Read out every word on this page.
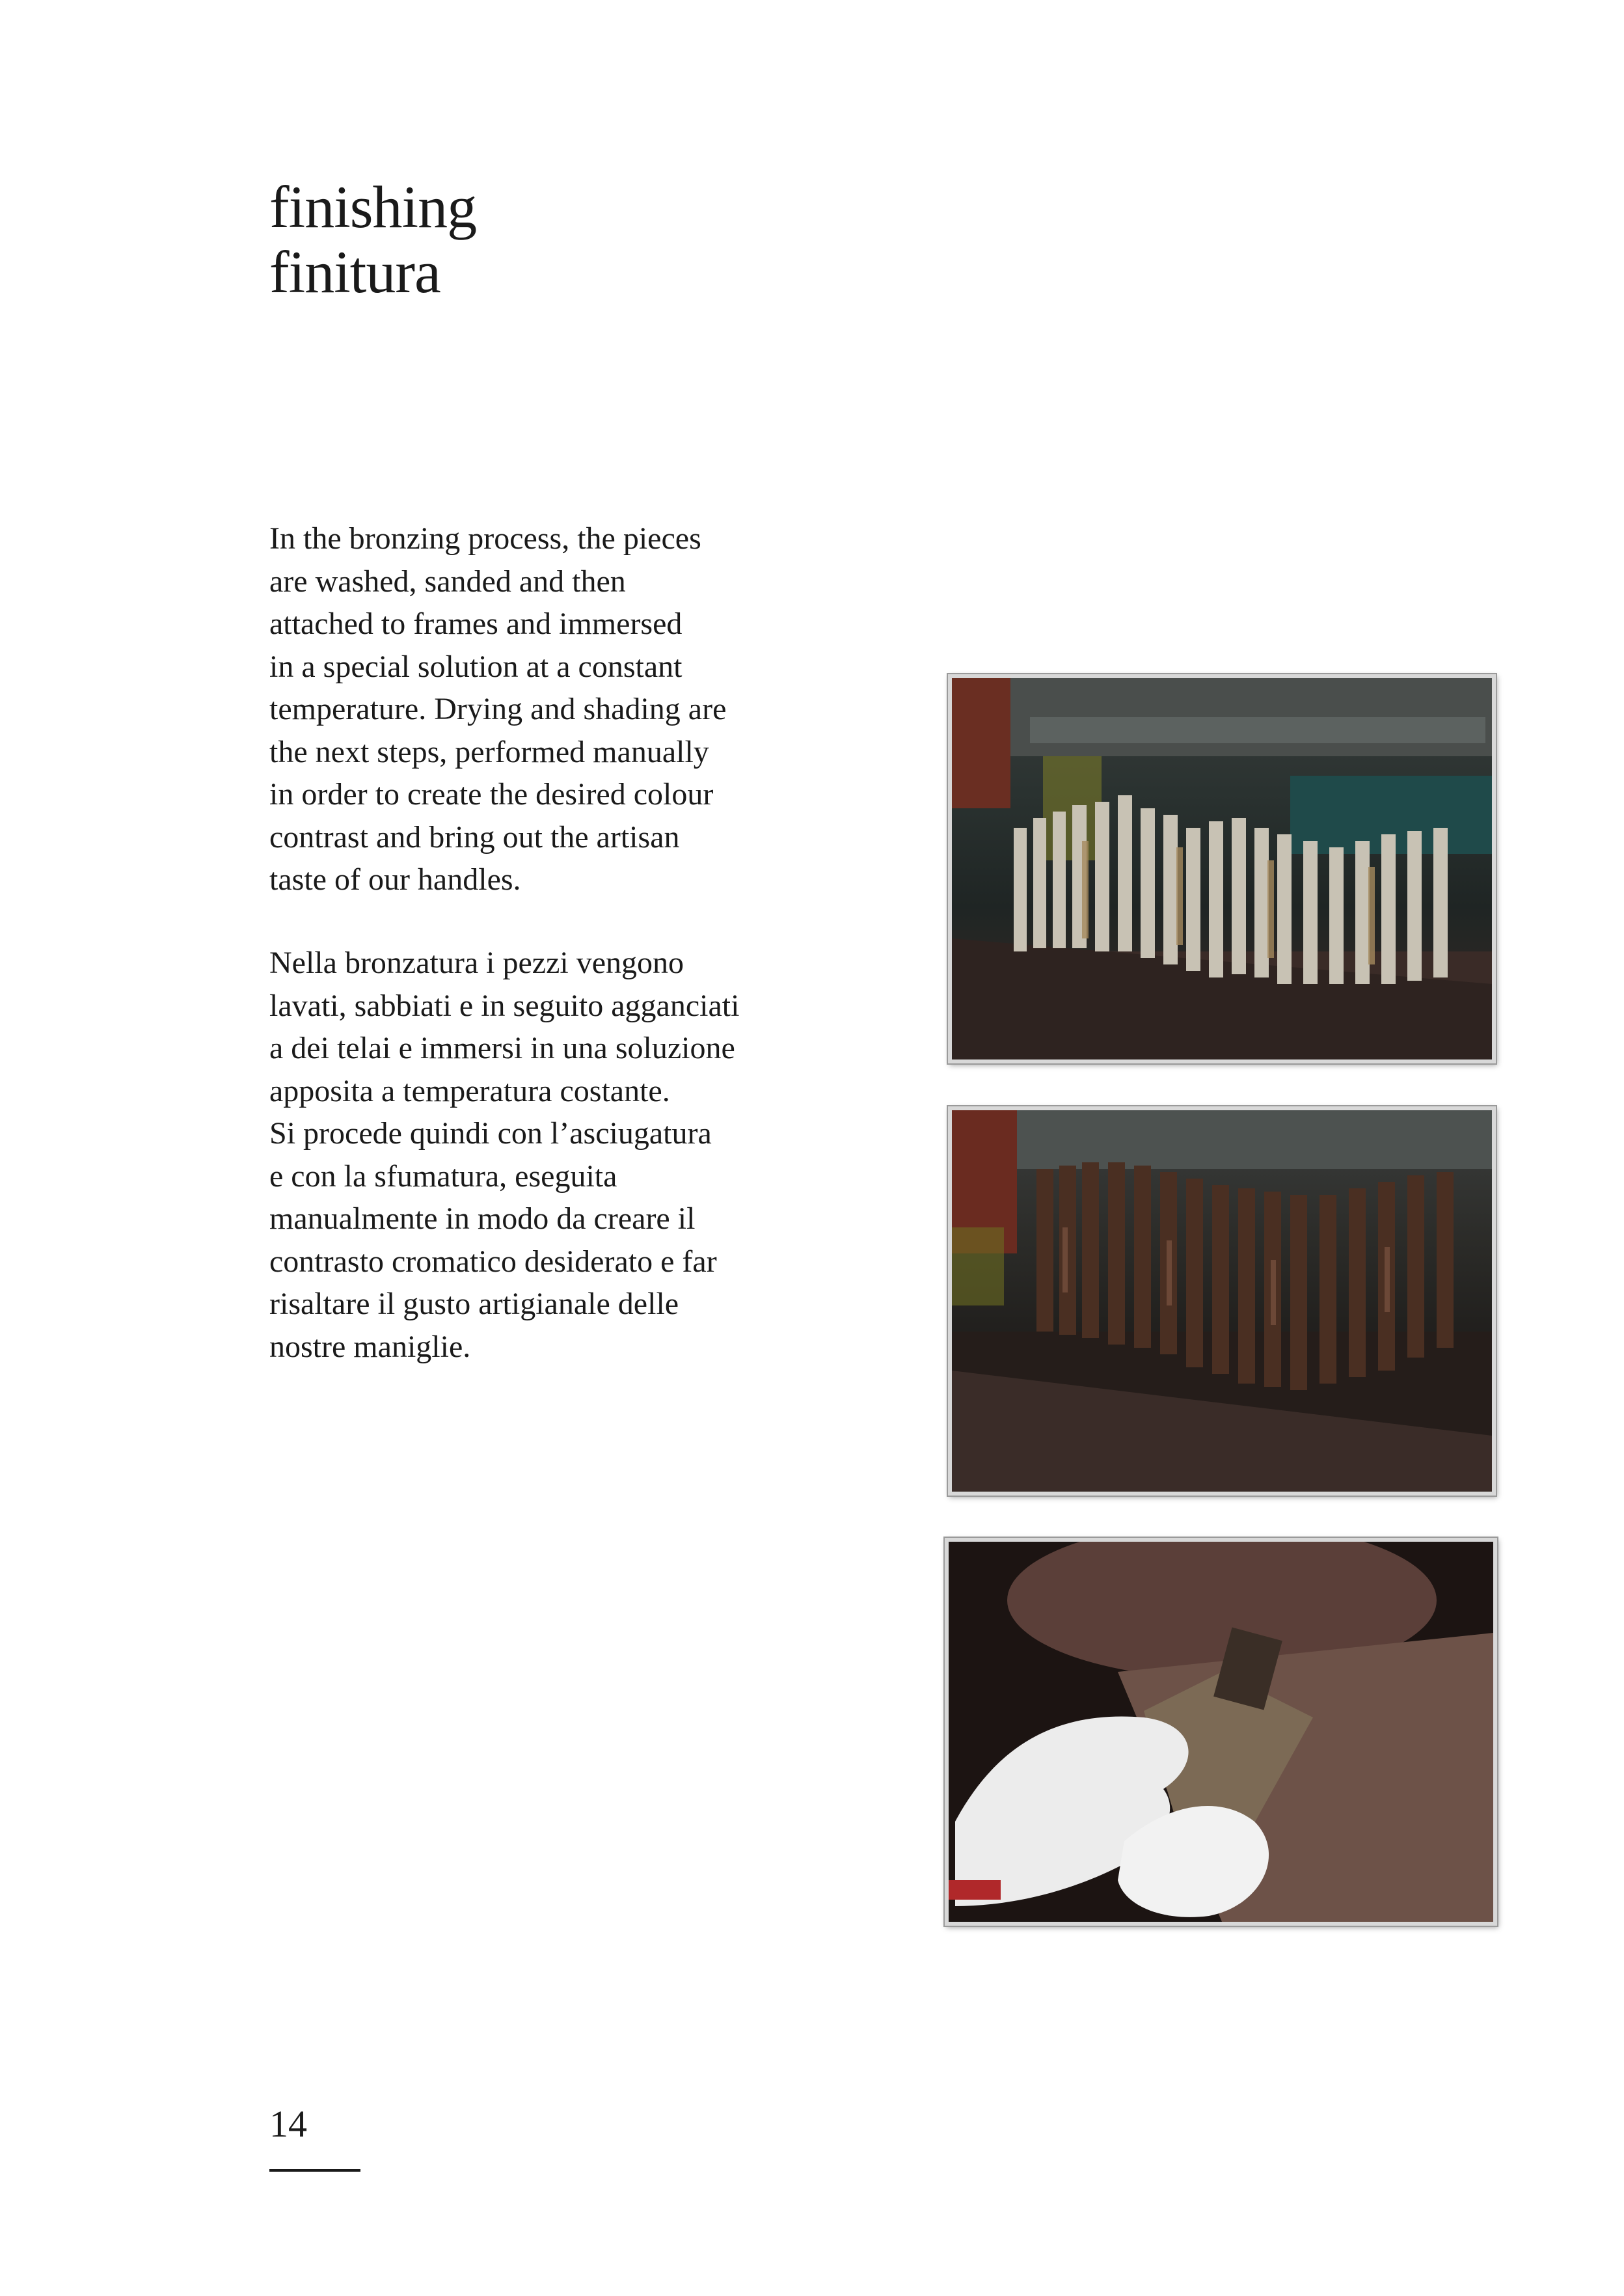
finishing
finitura

In the bronzing process, the pieces
are washed, sanded and then
attached to frames and immersed
in a special solution at a constant
temperature. Drying and shading are
the next steps, performed manually
in order to create the desired colour
contrast and bring out the artisan
taste of our handles.

Nella bronzatura i pezzi vengono
lavati, sabbiati e in seguito agganciati
a dei telai e immersi in una soluzione
apposita a temperatura costante.
Si procede quindi con l’asciugatura
e con la sfumatura, eseguita
manualmente in modo da creare il
contrasto cromatico desiderato e far
risaltare il gusto artigianale delle
nostre maniglie.

14
